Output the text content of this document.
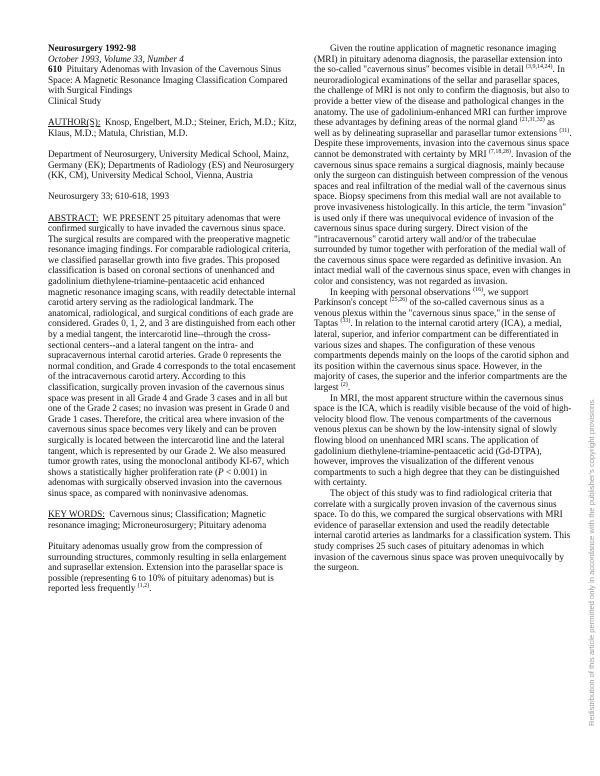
Neurosurgery 1992-98

October 1993, Volume 33, Number 4

610 Pituitary Adenomas with Invasion of the Cavernous Sinus Space: A Magnetic Resonance Imaging Classification Compared with Surgical Findings

Clinical Study

AUTHOR(S): Knosp, Engelbert, M.D.; Steiner, Erich, M.D.; Kitz, Klaus, M.D.; Matula, Christian, M.D.

Department of Neurosurgery, University Medical School, Mainz, Germany (EK); Departments of Radiology (ES) and Neurosurgery (KK, CM), University Medical School, Vienna, Austria

Neurosurgery 33; 610-618, 1993

ABSTRACT: WE PRESENT 25 pituitary adenomas that were confirmed surgically to have invaded the cavernous sinus space. The surgical results are compared with the preoperative magnetic resonance imaging findings. For comparable radiological criteria, we classified parasellar growth into five grades. This proposed classification is based on coronal sections of unenhanced and gadolinium diethylene-triamine-pentaacetic acid enhanced magnetic resonance imaging scans, with readily detectable internal carotid artery serving as the radiological landmark. The anatomical, radiological, and surgical conditions of each grade are considered. Grades 0, 1, 2, and 3 are distinguished from each other by a medial tangent, the intercarotid line--through the cross-sectional centers--and a lateral tangent on the intra- and supracavernous internal carotid arteries. Grade 0 represents the normal condition, and Grade 4 corresponds to the total encasement of the intracavernous carotid artery. According to this classification, surgically proven invasion of the cavernous sinus space was present in all Grade 4 and Grade 3 cases and in all but one of the Grade 2 cases; no invasion was present in Grade 0 and Grade 1 cases. Therefore, the critical area where invasion of the cavernous sinus space becomes very likely and can be proven surgically is located between the intercarotid line and the lateral tangent, which is represented by our Grade 2. We also measured tumor growth rates, using the monoclonal antibody KI-67, which shows a statistically higher proliferation rate (P < 0.001) in adenomas with surgically observed invasion into the cavernous sinus space, as compared with noninvasive adenomas.

KEY WORDS: Cavernous sinus; Classification; Magnetic resonance imaging; Microneurosurgery; Pituitary adenoma

Pituitary adenomas usually grow from the compression of surrounding structures, commonly resulting in sella enlargement and suprasellar extension. Extension into the parasellar space is possible (representing 6 to 10% of pituitary adenomas) but is reported less frequently $^{(1,2)}$.

Given the routine application of magnetic resonance imaging (MRI) in pituitary adenoma diagnosis, the parasellar extension into the so-called "cavernous sinus" becomes visible in detail $^{(3,9,14,24)}$. In neuroradiological examinations of the sellar and parasellar spaces, the challenge of MRI is not only to confirm the diagnosis, but also to provide a better view of the disease and pathological changes in the anatomy. The use of gadolinium-enhanced MRI can further improve these advantages by defining areas of the normal gland $^{(21,31,32)}$ as well as by delineating suprasellar and parasellar tumor extensions $^{(31)}$. Despite these improvements, invasion into the cavernous sinus space cannot be demonstrated with certainty by MRI $^{(7,18,28)}$. Invasion of the cavernous sinus space remains a surgical diagnosis, mainly because only the surgeon can distinguish between compression of the venous spaces and real infiltration of the medial wall of the cavernous sinus space. Biopsy specimens from this medial wall are not available to prove invasiveness histologically. In this article, the term "invasion" is used only if there was unequivocal evidence of invasion of the cavernous sinus space during surgery. Direct vision of the "intracavernous" carotid artery wall and/or of the trabeculae surrounded by tumor together with perforation of the medial wall of the cavernous sinus space were regarded as definitive invasion. An intact medial wall of the cavernous sinus space, even with changes in color and consistency, was not regarded as invasion.

In keeping with personal observations $^{(16)}$, we support Parkinson's concept $^{(25,26)}$ of the so-called cavernous sinus as a venous plexus within the "cavernous sinus space," in the sense of Taptas $^{(33)}$. In relation to the internal carotid artery (ICA), a medial, lateral, superior, and inferior compartment can be differentiated in various sizes and shapes. The configuration of these venous compartments depends mainly on the loops of the carotid siphon and its position within the cavernous sinus space. However, in the majority of cases, the superior and the inferior compartments are the largest $^{(2)}$.

In MRI, the most apparent structure within the cavernous sinus space is the ICA, which is readily visible because of the void of high-velocity blood flow. The venous compartments of the cavernous venous plexus can be shown by the low-intensity signal of slowly flowing blood on unenhanced MRI scans. The application of gadolinium diethylene-triamine-pentaacetic acid (Gd-DTPA), however, improves the visualization of the different venous compartments to such a high degree that they can be distinguished with certainty.

The object of this study was to find radiological criteria that correlate with a surgically proven invasion of the cavernous sinus space. To do this, we compared the surgical observations with MRI evidence of parasellar extension and used the readily detectable internal carotid arteries as landmarks for a classification system. This study comprises 25 such cases of pituitary adenomas in which invasion of the cavernous sinus space was proven unequivocally by the surgeon.	Redistribution of this article permitted only in accordance with the publisher's copyright provisions.
